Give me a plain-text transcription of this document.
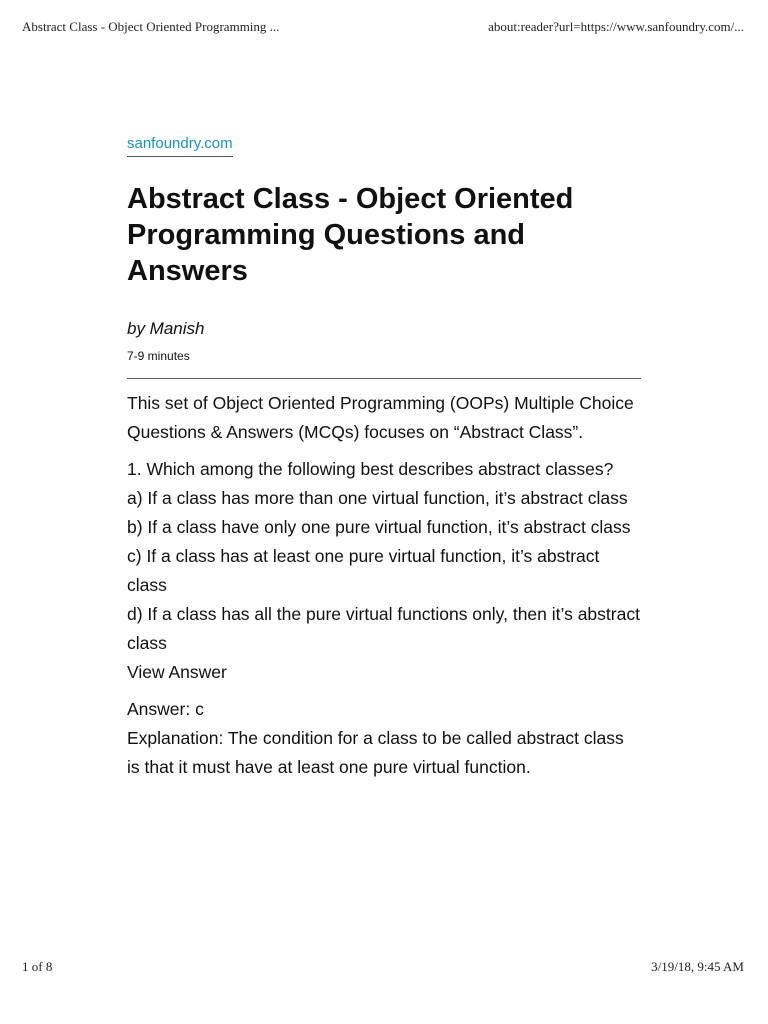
Abstract Class - Object Oriented Programming ...	about:reader?url=https://www.sanfoundry.com/...
sanfoundry.com
Abstract Class - Object Oriented Programming Questions and Answers
by Manish
7-9 minutes

This set of Object Oriented Programming (OOPs) Multiple Choice Questions & Answers (MCQs) focuses on “Abstract Class”.

1. Which among the following best describes abstract classes?
a) If a class has more than one virtual function, it’s abstract class
b) If a class have only one pure virtual function, it’s abstract class
c) If a class has at least one pure virtual function, it’s abstract class
d) If a class has all the pure virtual functions only, then it’s abstract class
View Answer

Answer: c
Explanation: The condition for a class to be called abstract class is that it must have at least one pure virtual function.

1 of 8	3/19/18, 9:45 AM
